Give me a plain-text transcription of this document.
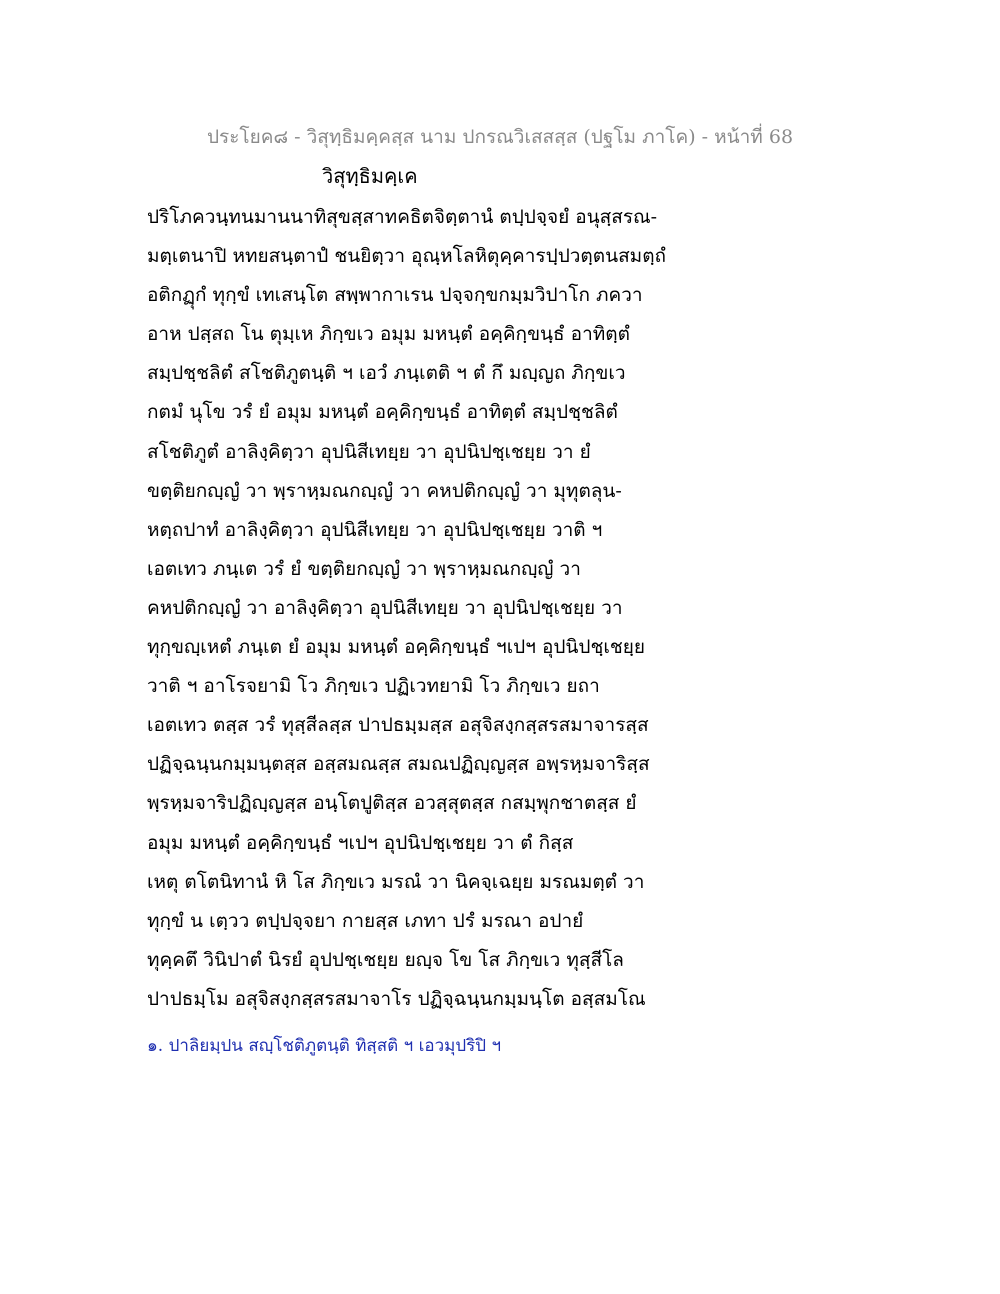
ประโยค๘ - วิสุทฺธิมคฺคสฺส นาม ปกรณวิเสสสฺส (ปฐโม ภาโค) - หน้าที่ 68
วิสุทฺธิมคฺเค
ปริโภควนฺทนมานนาทิสุขสฺสาทคธิตจิตฺตานํ ตปฺปจฺจยํ อนุสฺสรณ-
มตฺเตนาปิ หทยสนฺตาปํ ชนยิตฺวา อุณฺหโลหิตุคฺคารปฺปวตฺตนสมตฺถํ
อติกฏุกํ ทุกฺขํ เทเสนฺโต สพฺพากาเรน ปจฺจกฺขกมฺมวิปาโก ภควา
อาห ปสฺสถ โน ตุมฺเห ภิกฺขเว อมุม มหนฺตํ อคฺคิกฺขนฺธํ อาทิตฺตํ
สมฺปชฺชลิตํ สโชติภูตนฺติ ฯ เอวํ ภนฺเตติ ฯ ตํ กึ มญฺญถ ภิกฺขเว
กตมํ นุโข วรํ ยํ อมุม มหนฺตํ อคฺคิกฺขนฺธํ อาทิตฺตํ สมฺปชฺชลิตํ
สโชติภูตํ อาลิงฺคิตฺวา อุปนิสีเทยฺย วา อุปนิปชฺเชยฺย วา ยํ
ขตฺติยกญฺญํ วา พฺราหฺมณกญฺญํ วา คหปติกญฺญํ วา มุทุตลุน-
หตฺถปาทํ อาลิงฺคิตฺวา อุปนิสีเทยฺย วา อุปนิปชฺเชยฺย วาติ ฯ
เอตเทว ภนฺเต วรํ ยํ ขตฺติยกญฺญํ วา พฺราหฺมณกญฺญํ วา
คหปติกญฺญํ วา อาลิงฺคิตฺวา อุปนิสีเทยฺย วา อุปนิปชฺเชยฺย วา
ทุกฺขญฺเหตํ ภนฺเต ยํ อมุม มหนฺตํ อคฺคิกฺขนฺธํ ฯเปฯ อุปนิปชฺเชยฺย
วาติ ฯ อาโรจยามิ โว ภิกฺขเว ปฏิเวทยามิ โว ภิกฺขเว ยถา
เอตเทว ตสฺส วรํ ทุสฺสีลสฺส ปาปธมฺมสฺส อสุจิสงฺกสฺสรสมาจารสฺส
ปฏิจฺฉนฺนกมฺมนฺตสฺส อสฺสมณสฺส สมณปฏิญฺญสฺส อพฺรหฺมจาริสฺส
พฺรหฺมจาริปฏิญฺญสฺส อนฺโตปูติสฺส อวสฺสุตสฺส กสมฺพุกชาตสฺส ยํ
อมุม มหนฺตํ อคฺคิกฺขนฺธํ ฯเปฯ อุปนิปชฺเชยฺย วา ตํ กิสฺส
เหตุ ตโตนิทานํ หิ โส ภิกฺขเว มรณํ วา นิคจฺเฉยฺย มรณมตฺตํ วา
ทุกฺขํ น เตฺวว ตปฺปจฺจยา กายสฺส เภทา ปรํ มรณา อปายํ
ทุคฺคตึ วินิปาตํ นิรยํ อุปปชฺเชยฺย ยญฺจ โข โส ภิกฺขเว ทุสฺสีโล
ปาปธมฺโม อสุจิสงฺกสฺสรสมาจาโร ปฏิจฺฉนฺนกมฺมนฺโต อสฺสมโณ
๑. ปาลิยมฺปน สญฺโชติภูตนฺติ ทิสฺสติ ฯ เอวมุปริปิ ฯ
